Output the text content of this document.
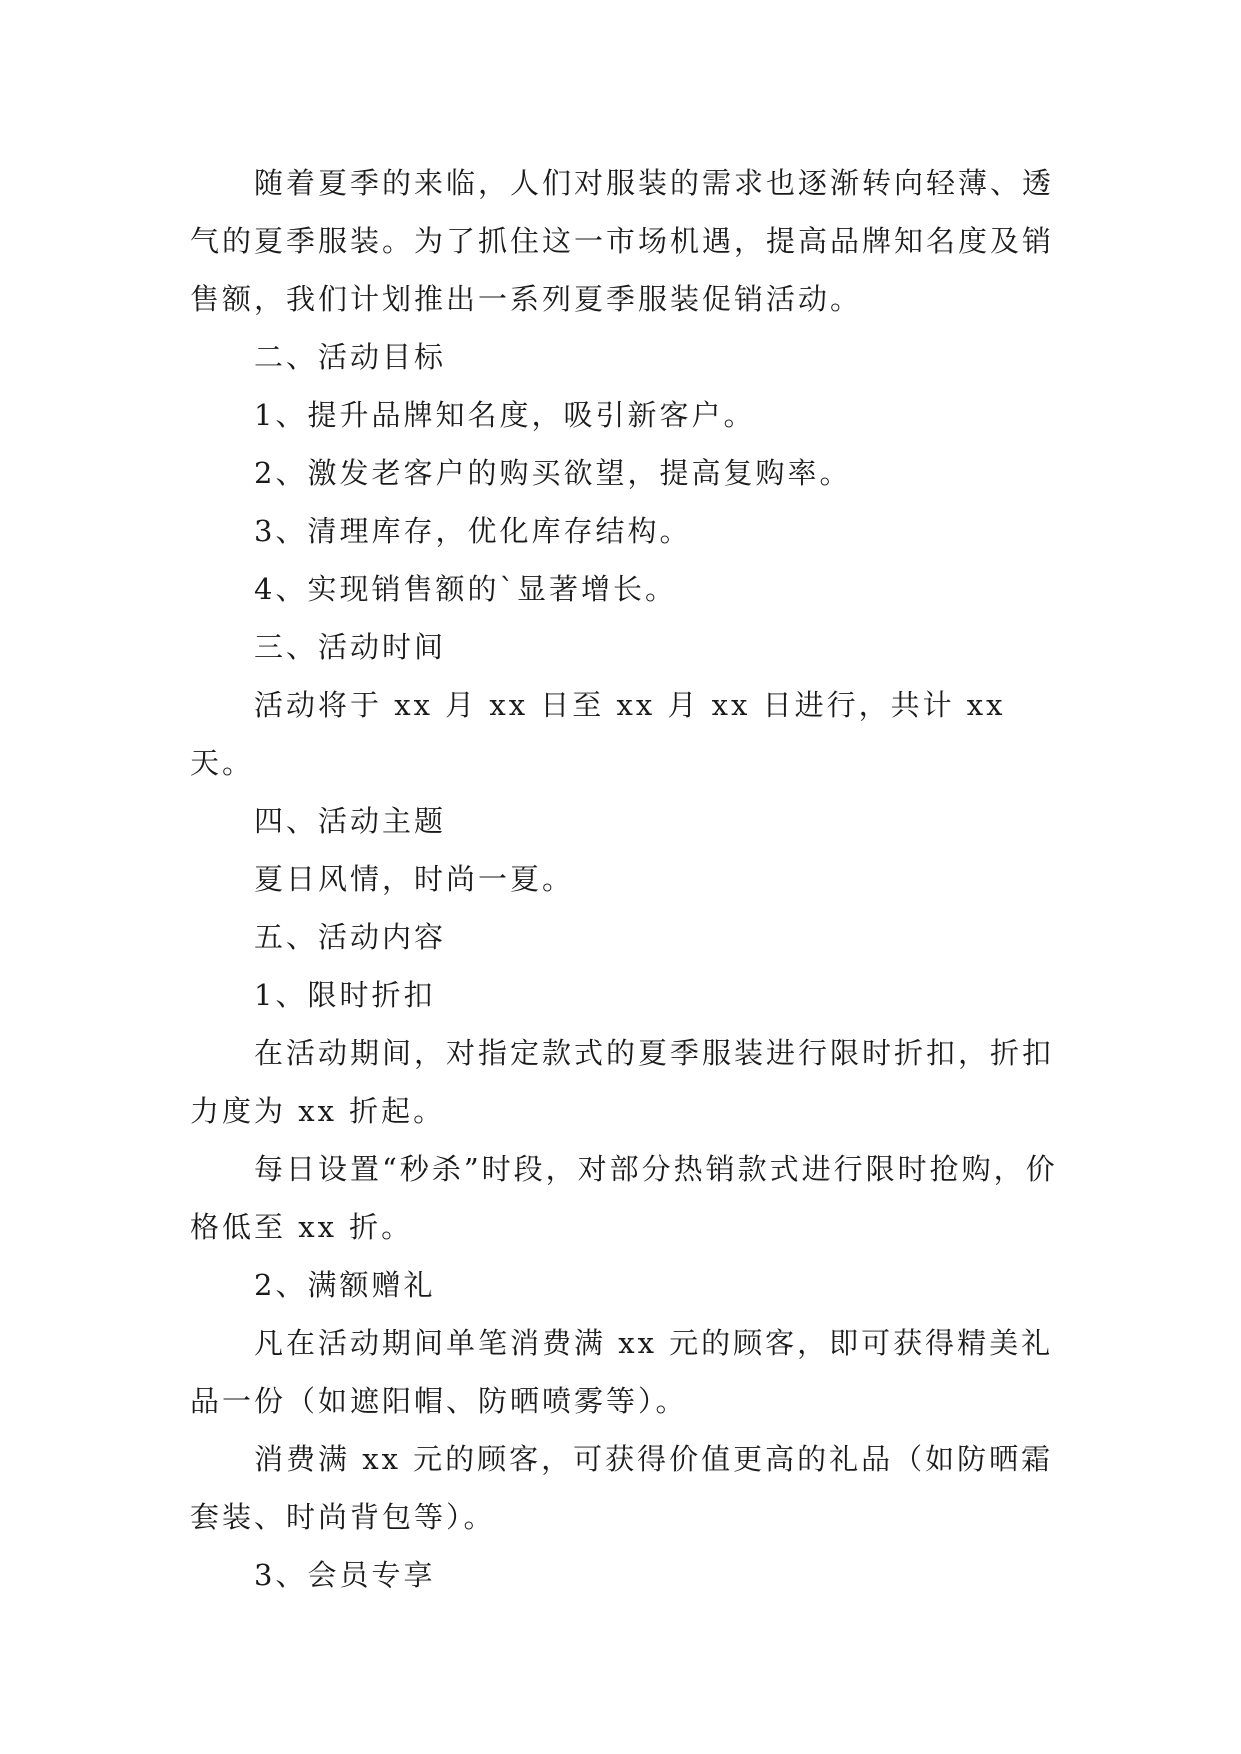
随着夏季的来临，人们对服装的需求也逐渐转向轻薄、透气的夏季服装。为了抓住这一市场机遇，提高品牌知名度及销售额，我们计划推出一系列夏季服装促销活动。

二、活动目标

1、提升品牌知名度，吸引新客户。

2、激发老客户的购买欲望，提高复购率。

3、清理库存，优化库存结构。

4、实现销售额的`显著增长。

三、活动时间

活动将于 xx 月 xx 日至 xx 月 xx 日进行，共计 xx 天。

四、活动主题

夏日风情，时尚一夏。

五、活动内容

1、限时折扣

在活动期间，对指定款式的夏季服装进行限时折扣，折扣力度为 xx 折起。

每日设置“秒杀”时段，对部分热销款式进行限时抢购，价格低至 xx 折。

2、满额赠礼

凡在活动期间单笔消费满 xx 元的顾客，即可获得精美礼品一份（如遮阳帽、防晒喷雾等）。

消费满 xx 元的顾客，可获得价值更高的礼品（如防晒霜套装、时尚背包等）。

3、会员专享
